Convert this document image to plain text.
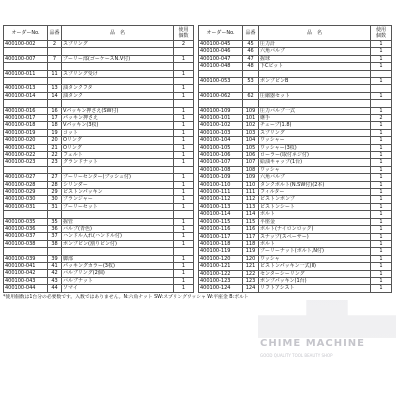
オーダーNo.	品番	品　名	使用
個数
400100-002	2	スプリング	2

400100-007	7	ブーリー部(ゴーケースN.V付)	1

400100-011	11	スプリング受け	1

400100-013	13	油タンクフタ	1
400100-014	14	油タンク	1

400100-016	16	Vパッキン押さえ(SW付)	1
400100-017	17	パッキン押さえ	1
400100-018	18	Vパッキン(3枚)	1
400100-019	19	コット	1
400100-020	20	Oリング	1
400100-021	21	Oリング	1
400100-022	22	フェルト	1
400100-023	23	グランドナット	1

400100-027	27	プーリーセンター(ブッシュ付)	1
400100-028	28	シリンダー	1
400100-029	29	ピストンパッキン	1
400100-030	30	プランジャー	1
400100-031	31	プーリーセット	1

400100-035	35	握管	1
400100-036	36	バルブ(青色)	1
400100-037	37	ハンドル入れ(ハンドル付)	1
400100-038	38	ポンプピン(割りピン付)	1

400100-039	39	脚部	1
400100-041	41	パッキングカラー(3枚)	1
400100-042	42	バルブリング(2個)	1
400100-043	43	バルブナット	1
400100-044	44	ソマイ	1
オーダーNo.	品番	品　名	使用
個数
400100-045	45	圧力計	1
400100-046	46	六角バルブ	1
400100-047	47	握球	1
400100-048	48	下Cビット	1

400100-053	53	ボンプピンB	1

400100-062	62	圧縮器セット	1

400100-109	109	圧力バルブ一式	1
400100-101	101	継手	2
400100-102	102	チューブ(1.8)	1
400100-103	103	スプリング	1
400100-104	104	ワッシャー	1
400100-105	105	ワッシャー(3枚)	1
400100-106	106	ローラー(取付ネジ付)	1
400100-107	107	給油キャップ(1台)	1
400100-108	108	ワッシャ	1
400100-109	109	六角バルブ	1
400100-110	110	タンクボルト(N.SW付)(2本)	1
400100-111	111	フィルター	1
400100-112	112	ピストンポンプ	1
400100-113	113	ピストンシート	1
400100-114	114	ボルト	1
400100-115	115	平座金	1
400100-116	116	ボルト(ナイロンロック)	1
400100-117	117	スナップ(スペーサー)	1
400100-118	118	ボルト	1
400100-119	119	プーリーナット(ボルト,N付)	1
400100-120	120	ワッシャ	1
400100-121	121	ピストンパッキン一式(Ⅱ)	1
400100-122	122	センターシーリング	1
400100-123	123	ポンプパッキン(1台)	1
400100-124	124	リフトアシスト	1
*使用個数は1台分の必要数です。入数ではありません。N:六角ナット SW:スプリングワッシャ W:平座金 B:ボルト
CHIME MACHINE
GOOD QUALITY TOOL BEAUTY SHOP
